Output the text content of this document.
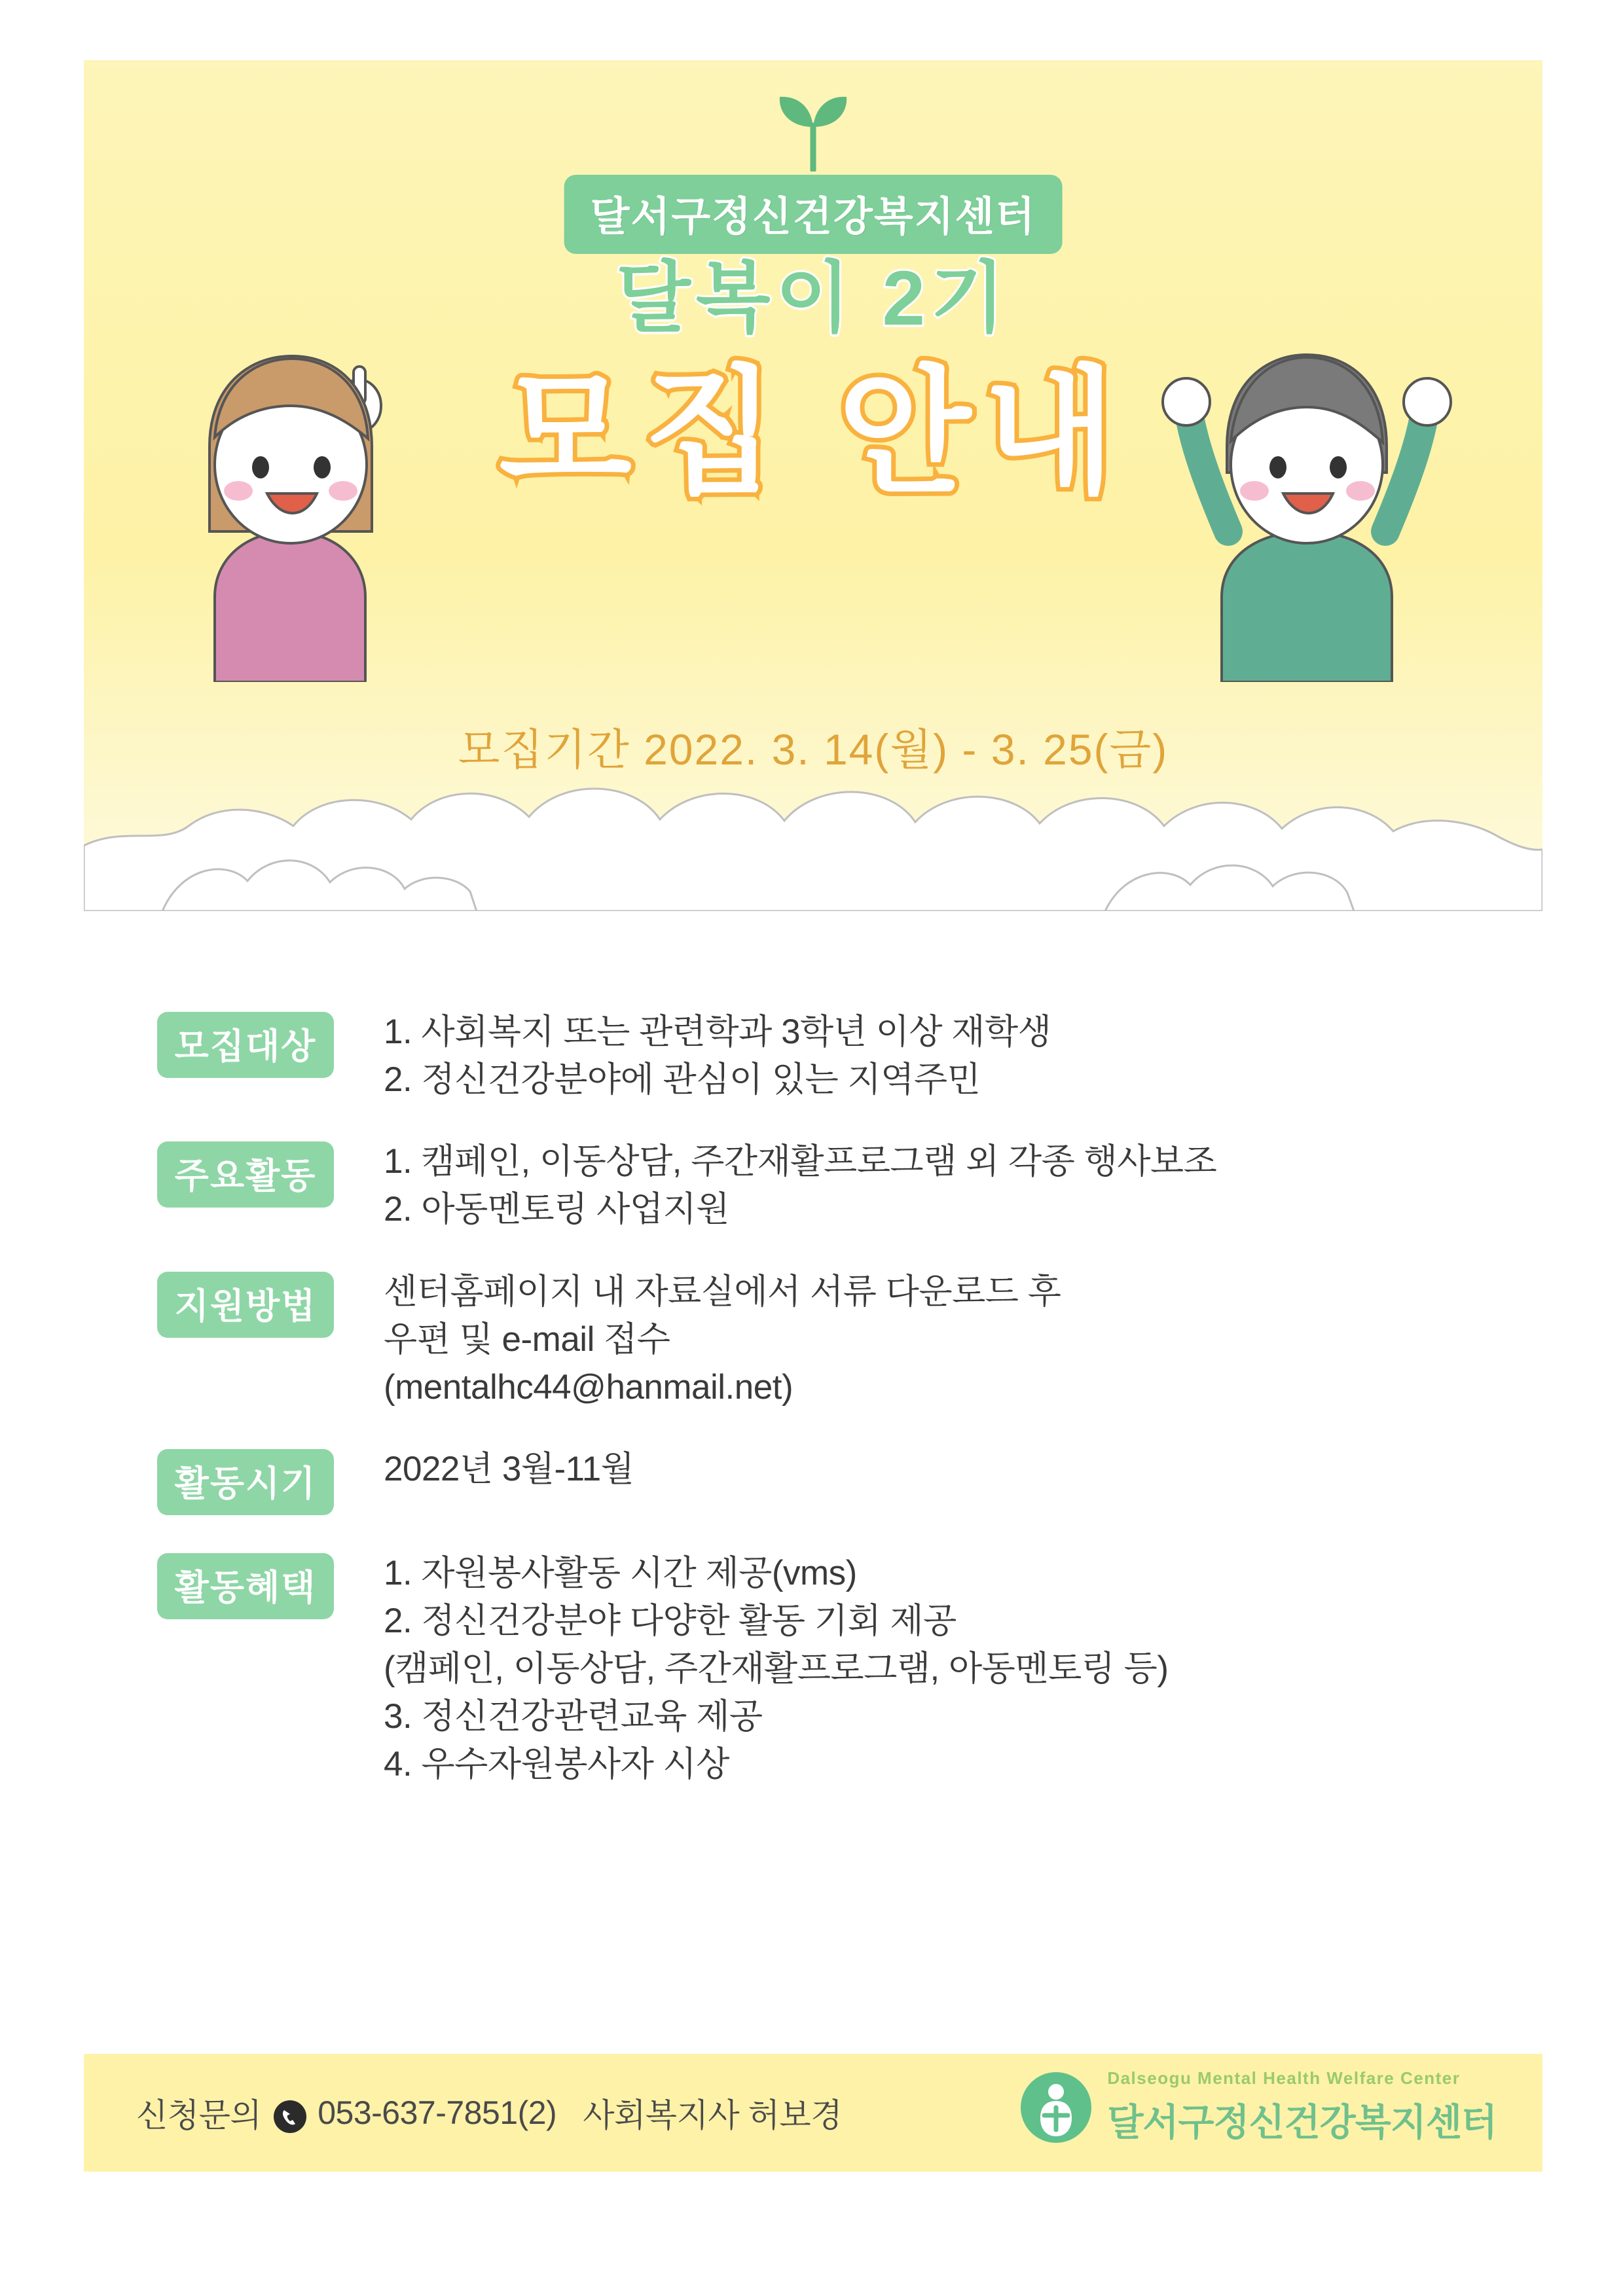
달서구정신건강복지센터
달복이 2기
모집 안내
모집기간 2022. 3. 14(월) - 3. 25(금)
모집대상	1. 사회복지 또는 관련학과 3학년 이상 재학생
2. 정신건강분야에 관심이 있는 지역주민
주요활동	1. 캠페인, 이동상담, 주간재활프로그램 외 각종 행사보조
2. 아동멘토링 사업지원
지원방법	센터홈페이지 내 자료실에서 서류 다운로드 후
우편 및 e-mail 접수
(mentalhc44@hanmail.net)
활동시기	2022년 3월-11월
활동혜택	1. 자원봉사활동 시간 제공(vms)
2. 정신건강분야 다양한 활동 기회 제공
(캠페인, 이동상담, 주간재활프로그램, 아동멘토링 등)
3. 정신건강관련교육 제공
4. 우수자원봉사자 시상
신청문의 053-637-7851(2) 사회복지사 허보경
Dalseogu Mental Health Welfare Center
달서구정신건강복지센터
